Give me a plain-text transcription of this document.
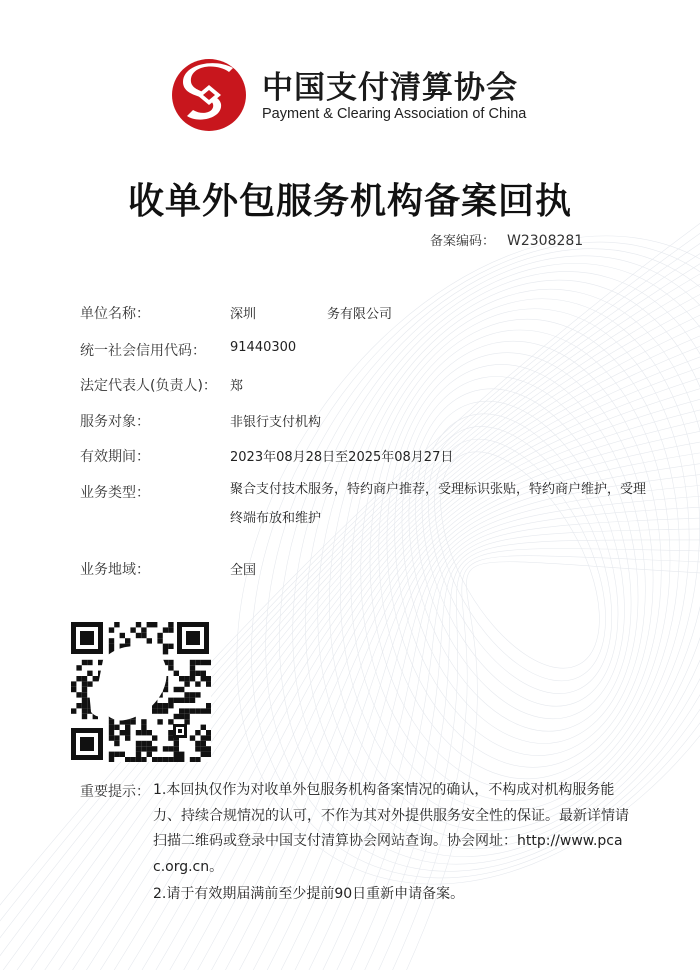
中国支付清算协会
Payment & Clearing Association of China
收单外包服务机构备案回执
备案编码： W2308281
单位名称：	深圳	务有限公司
统一社会信用代码： 91440300
法定代表人(负责人)： 郑
服务对象：	非银行支付机构
有效期间：	2023年08月28日至2025年08月27日
业务类型：	聚合支付技术服务，特约商户推荐，受理标识张贴，特约商户维护，受理终端布放和维护
业务地域：	全国
重要提示： 1.本回执仅作为对收单外包服务机构备案情况的确认，不构成对机构服务能力、持续合规情况的认可，不作为其对外提供服务安全性的保证。最新详情请扫描二维码或登录中国支付清算协会网站查询。协会网址：http://www.pcac.org.cn。
2.请于有效期届满前至少提前90日重新申请备案。
